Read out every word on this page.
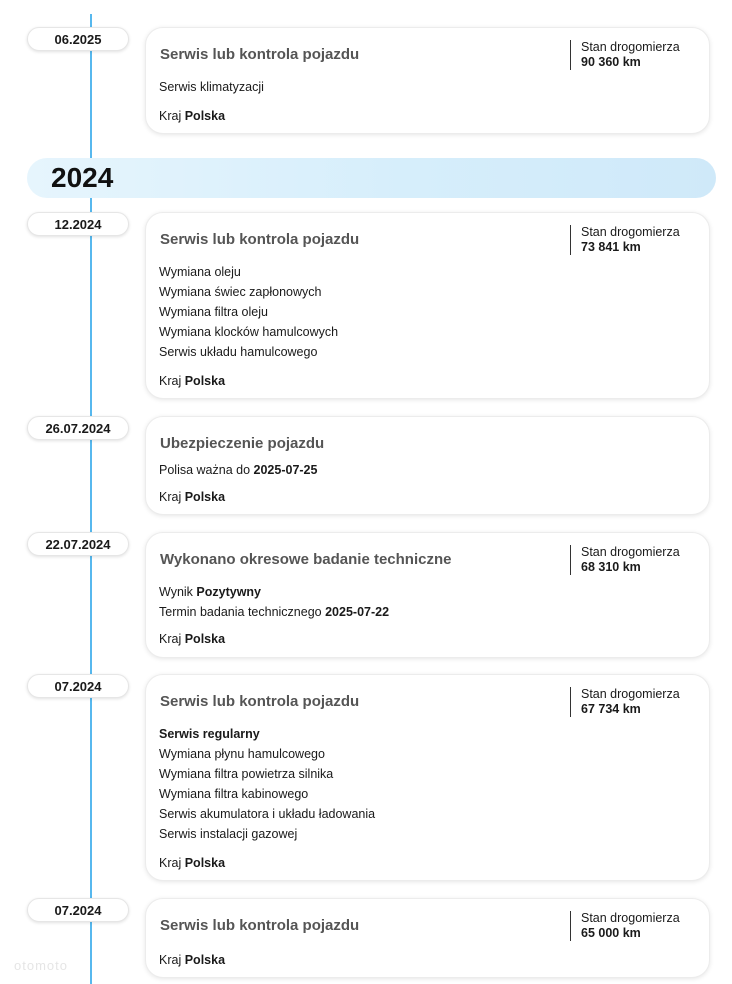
06.2025
Serwis lub kontrola pojazdu	Stan drogomierza
90 360 km
Serwis klimatyzacji
Kraj Polska
2024
12.2024
Serwis lub kontrola pojazdu	Stan drogomierza
73 841 km
Wymiana oleju
Wymiana świec zapłonowych
Wymiana filtra oleju
Wymiana klocków hamulcowych
Serwis układu hamulcowego
Kraj Polska
26.07.2024
Ubezpieczenie pojazdu
Polisa ważna do 2025-07-25
Kraj Polska
22.07.2024
Wykonano okresowe badanie techniczne	Stan drogomierza
68 310 km
Wynik Pozytywny
Termin badania technicznego 2025-07-22
Kraj Polska
07.2024
Serwis lub kontrola pojazdu	Stan drogomierza
67 734 km
Serwis regularny
Wymiana płynu hamulcowego
Wymiana filtra powietrza silnika
Wymiana filtra kabinowego
Serwis akumulatora i układu ładowania
Serwis instalacji gazowej
Kraj Polska
07.2024
Serwis lub kontrola pojazdu	Stan drogomierza
65 000 km
Kraj Polska
otomoto
